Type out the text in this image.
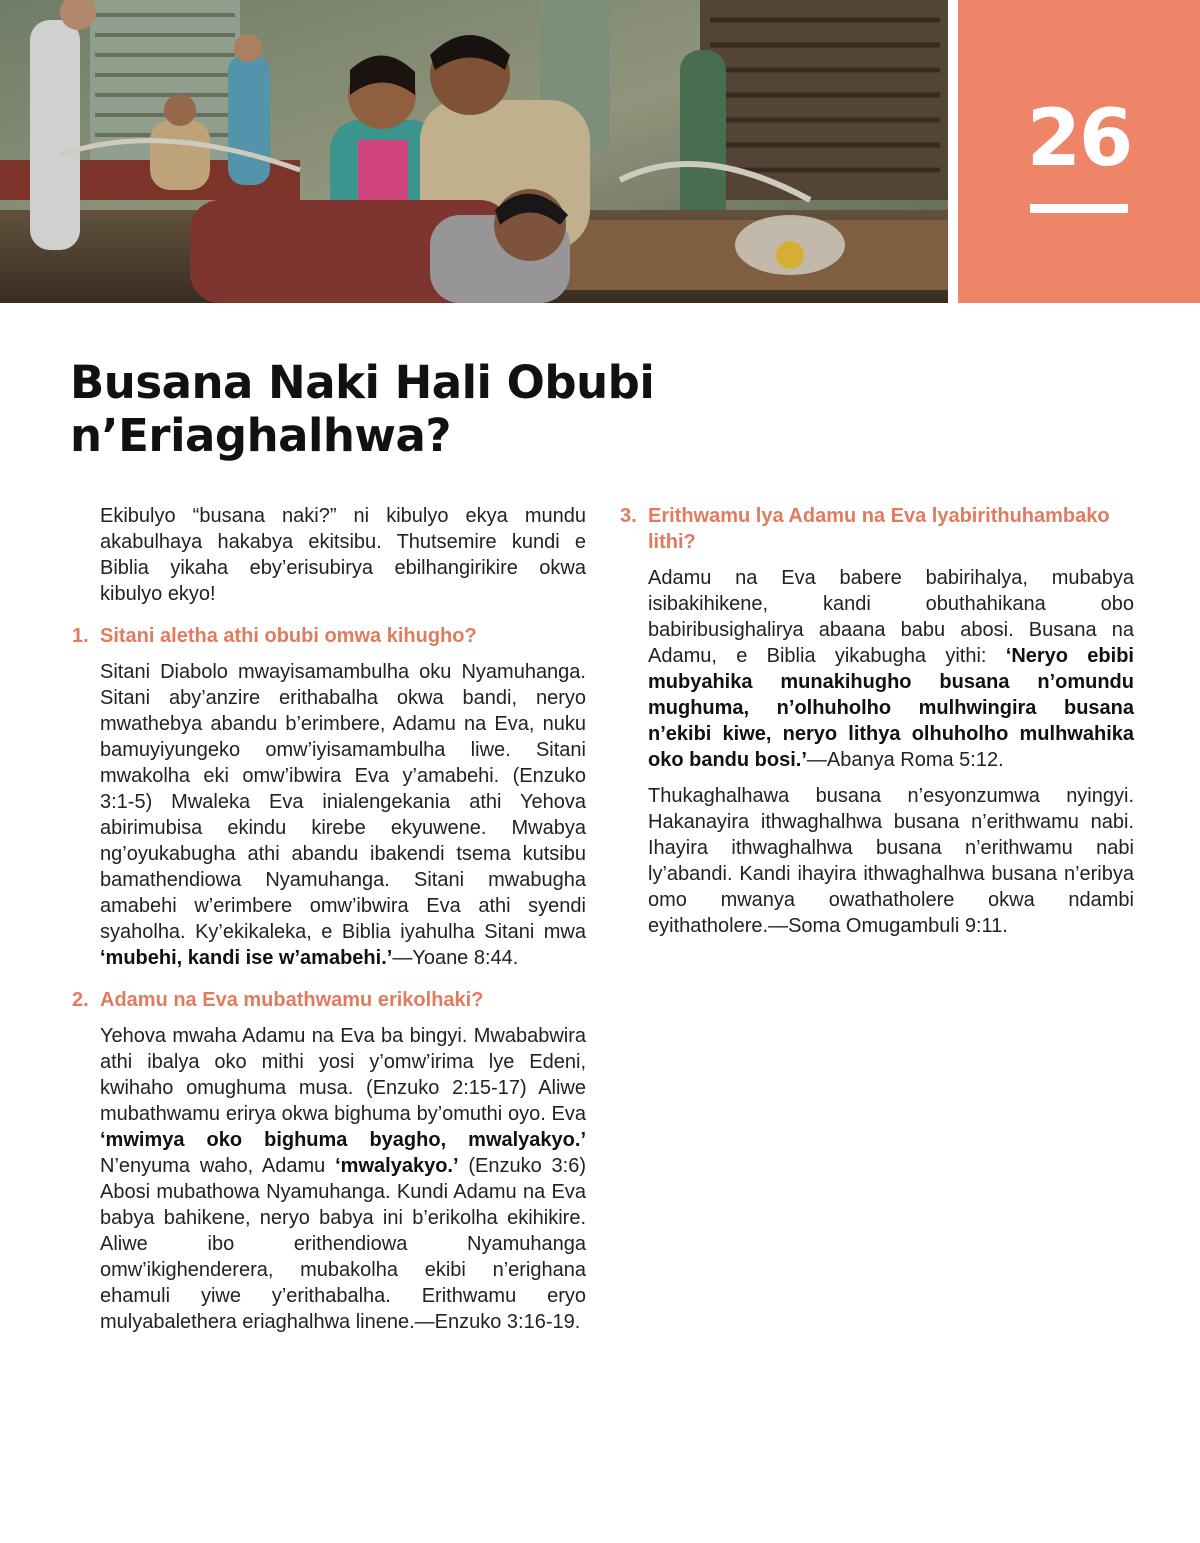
26
Busana Naki Hali Obubi
n’Eriaghalhwa?

Ekibulyo “busana naki?” ni kibulyo ekya mundu akabulhaya hakabya ekitsibu. Thutsemire kundi e Biblia yikaha eby’erisubirya ebilhangirikire okwa kibulyo ekyo!

1. Sitani aletha athi obubi omwa kihugho?

Sitani Diabolo mwayisamambulha oku Nyamuhanga. Sitani aby’anzire erithabalha okwa bandi, neryo mwathebya abandu b’erimbere, Adamu na Eva, nuku bamuyiyungeko omw’iyisamambulha liwe. Sitani mwakolha eki omw’ibwira Eva y’amabehi. (Enzuko 3:1-5) Mwaleka Eva inialengekania athi Yehova abirimubisa ekindu kirebe ekyuwene. Mwabya ng’oyukabugha athi abandu ibakendi tsema kutsibu bamathendiowa Nyamuhanga. Sitani mwabugha amabehi w’erimbere omw’ibwira Eva athi syendi syaholha. Ky’ekikaleka, e Biblia iyahulha Sitani mwa ‘mubehi, kandi ise w’amabehi.’—Yoane 8:44.

2. Adamu na Eva mubathwamu erikolhaki?

Yehova mwaha Adamu na Eva ba bingyi. Mwababwira athi ibalya oko mithi yosi y’omw’irima lye Edeni, kwihaho omughuma musa. (Enzuko 2:15-17) Aliwe mubathwamu erirya okwa bighuma by’omuthi oyo. Eva ‘mwimya oko bighuma byagho, mwalyakyo.’ N’enyuma waho, Adamu ‘mwalyakyo.’ (Enzuko 3:6) Abosi mubathowa Nyamuhanga. Kundi Adamu na Eva babya bahikene, neryo babya ini b’erikolha ekihikire. Aliwe ibo erithendiowa Nyamuhanga omw’ikighenderera, mubakolha ekibi n’erighana ehamuli yiwe y’erithabalha. Erithwamu eryo mulyabalethera eriaghalhwa linene.—Enzuko 3:16-19.

3. Erithwamu lya Adamu na Eva lyabirithuhambako lithi?

Adamu na Eva babere babirihalya, mubabya isibakihikene, kandi obuthahikana obo babiribusighalirya abaana babu abosi. Busana na Adamu, e Biblia yikabugha yithi: ‘Neryo ebibi mubyahika munakihugho busana n’omundu mughuma, n’olhuholho mulhwingira busana n’ekibi kiwe, neryo lithya olhuholho mulhwahika oko bandu bosi.’—Abanya Roma 5:12.

Thukaghalhawa busana n’esyonzumwa nyingyi. Hakanayira ithwaghalhwa busana n’erithwamu nabi. Ihayira ithwaghalhwa busana n’erithwamu nabi ly’abandi. Kandi ihayira ithwaghalhwa busana n’eribya omo mwanya owathatholere okwa ndambi eyithatholere.—Soma Omugambuli 9:11.
